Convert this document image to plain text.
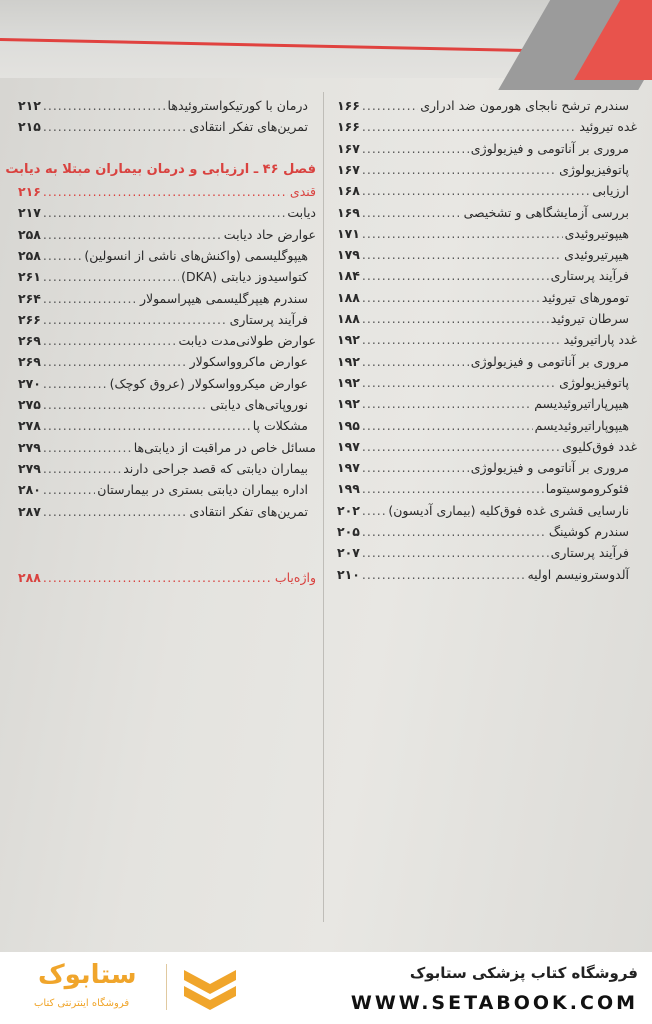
۱۶۶ .....	سندرم ترشح نابجای هورمون ضد ادراری
۱۶۶ .....	غده تیروئید
۱۶۷ .....	مروری بر آناتومی و فیزیولوژی
۱۶۷ .....	پاتوفیزیولوژی
۱۶۸ .....	ارزیابی
۱۶۹ .....	بررسی آزمایشگاهی و تشخیصی
۱۷۱ .....	هیپوتیروئیدی
۱۷۹ .....	هیپرتیروئیدی
۱۸۴ .....	فرآیند پرستاری
۱۸۸ .....	تومورهای تیروئید
۱۸۸ .....	سرطان تیروئید
۱۹۲ .....	غدد پاراتیروئید
۱۹۲ .....	مروری بر آناتومی و فیزیولوژی
۱۹۲ .....	پاتوفیزیولوژی
۱۹۲ .....	هیپرپاراتیروئیدیسم
۱۹۵ .....	هیپوپاراتیروئیدیسم
۱۹۷ .....	غدد فوق‌کلیوی
۱۹۷ .....	مروری بر آناتومی و فیزیولوژی
۱۹۹ .....	فئوکروموسیتوما
۲۰۲ ..... نارسایی قشری غده فوق‌کلیه (بیماری آدیسون)
۲۰۵ .....	سندرم کوشینگ
۲۰۷ .....	فرآیند پرستاری
۲۱۰ .....	آلدوسترونیسم اولیه
فصل ۴۶ ـ ارزیابی و درمان بیماران مبتلا به دیابت
۲۱۲ .....	درمان با کورتیکواستروئیدها
۲۱۵ .....	تمرین‌های تفکر انتقادی
۲۱۶ .....	قندی
۲۱۷ .....	دیابت
۲۵۸ .....	عوارض حاد دیابت
۲۵۸ .....	هیپوگلیسمی (واکنش‌های ناشی از انسولین)
۲۶۱ .....	کتواسیدوز دیابتی (DKA)
۲۶۴ .....	سندرم هیپرگلیسمی هیپراسمولار
۲۶۶ .....	فرآیند پرستاری
۲۶۹ .....	عوارض طولانی‌مدت دیابت
۲۶۹ .....	عوارض ماکروواسکولار
۲۷۰ .....	عوارض میکروواسکولار (عروق کوچک)
۲۷۵ .....	نوروپاتی‌های دیابتی
۲۷۸ .....	مشکلات پا
۲۷۹ .....	مسائل خاص در مراقبت از دیابتی‌ها
۲۷۹ .....	بیماران دیابتی که قصد جراحی دارند
۲۸۰ .....	اداره بیماران دیابتی بستری در بیمارستان
۲۸۷ .....	تمرین‌های تفکر انتقادی
۲۸۸ .....	واژه‌یاب
ستابوک
فروشگاه اینترنتی کتاب
فروشگاه کتاب پزشکی ستابوک
WWW.SETABOOK.COM
